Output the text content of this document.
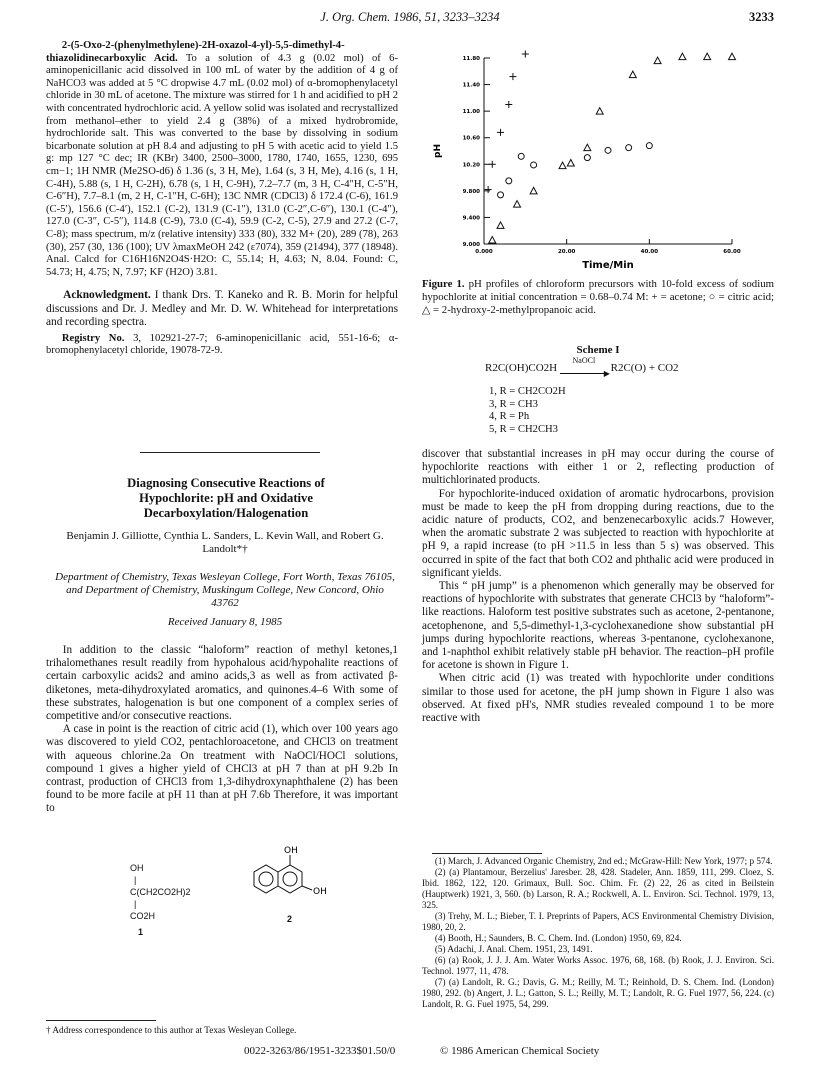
J. Org. Chem. 1986, 51, 3233–3234	3233

2-(5-Oxo-2-(phenylmethylene)-2H-oxazol-4-yl)-5,5-dimethyl-4-thiazolidinecarboxylic Acid. To a solution of 4.3 g (0.02 mol) of 6-aminopenicillanic acid dissolved in 100 mL of water by the addition of 4 g of NaHCO3 was added at 5 °C dropwise 4.7 mL (0.02 mol) of α-bromophenylacetyl chloride in 30 mL of acetone. The mixture was stirred for 1 h and acidified to pH 2 with concentrated hydrochloric acid. A yellow solid was isolated and recrystallized from methanol–ether to yield 2.4 g (38%) of a mixed hydrobromide, hydrochloride salt. This was converted to the base by dissolving in sodium bicarbonate solution at pH 8.4 and adjusting to pH 5 with acetic acid to yield 1.5 g: mp 127 °C dec; IR (KBr) 3400, 2500–3000, 1780, 1740, 1655, 1230, 695 cm−1; 1H NMR (Me2SO-d6) δ 1.36 (s, 3 H, Me), 1.64 (s, 3 H, Me), 4.16 (s, 1 H, C-4H), 5.88 (s, 1 H, C-2H), 6.78 (s, 1 H, C-9H), 7.2–7.7 (m, 3 H, C-4″H, C-5″H, C-6″H), 7.7–8.1 (m, 2 H, C-1″H, C-6H); 13C NMR (CDCl3) δ 172.4 (C-6), 161.9 (C-5′), 156.6 (C-4′), 152.1 (C-2), 131.9 (C-1″), 131.0 (C-2″,C-6″), 130.1 (C-4″), 127.0 (C-3″, C-5″), 114.8 (C-9), 73.0 (C-4), 59.9 (C-2, C-5), 27.9 and 27.2 (C-7, C-8); mass spectrum, m/z (relative intensity) 333 (80), 332 M+ (20), 289 (78), 263 (30), 257 (30, 136 (100); UV λmaxMeOH 242 (ε7074), 359 (21494), 377 (18948). Anal. Calcd for C16H16N2O4S·H2O: C, 55.14; H, 4.63; N, 8.04. Found: C, 54.73; H, 4.75; N, 7.97; KF (H2O) 3.81.

Acknowledgment. I thank Drs. T. Kaneko and R. B. Morin for helpful discussions and Dr. J. Medley and Mr. D. W. Whitehead for interpretations and recording spectra.

Registry No. 3, 102921-27-7; 6-aminopenicillanic acid, 551-16-6; α-bromophenylacetyl chloride, 19078-72-9.

Diagnosing Consecutive Reactions of Hypochlorite: pH and Oxidative Decarboxylation/Halogenation
Benjamin J. Gilliotte, Cynthia L. Sanders, L. Kevin Wall, and Robert G. Landolt*†
Department of Chemistry, Texas Wesleyan College, Fort Worth, Texas 76105, and Department of Chemistry, Muskingum College, New Concord, Ohio 43762
Received January 8, 1985

In addition to the classic “haloform” reaction of methyl ketones,1 trihalomethanes result readily from hypohalous acid/hypohalite reactions of certain carboxylic acids2 and amino acids,3 as well as from activated β-diketones, meta-dihydroxylated aromatics, and quinones.4–6 With some of these substrates, halogenation is but one component of a complex series of competitive and/or consecutive reactions.

A case in point is the reaction of citric acid (1), which over 100 years ago was discovered to yield CO2, pentachloroacetone, and CHCl3 on treatment with aqueous chlorine.2a On treatment with NaOCl/HOCl solutions, compound 1 gives a higher yield of CHCl3 at pH 7 than at pH 9.2b In contrast, production of CHCl3 from 1,3-dihydroxynaphthalene (2) has been found to be more facile at pH 11 than at pH 7.6b Therefore, it was important to

OH
|
C(CH2CO2H)2
|
CO2H
1
OH
OH
2
† Address correspondence to this author at Texas Wesleyan College.
9.000
9.400
9.800
10.20
10.60
11.00
11.40
11.80
0.000	20.00	40.00	60.00
pH
Time/Min

Figure 1. pH profiles of chloroform precursors with 10-fold excess of sodium hypochlorite at initial concentration = 0.68–0.74 M: + = acetone; ○ = citric acid; △ = 2-hydroxy-2-methylpropanoic acid.

Scheme I
R2C(OH)CO2H
NaOCl
▶ R2C(O) + CO2
1, R = CH2CO2H
3, R = CH3
4, R = Ph
5, R = CH2CH3

discover that substantial increases in pH may occur during the course of hypochlorite reactions with either 1 or 2, reflecting production of multichlorinated products.

For hypochlorite-induced oxidation of aromatic hydrocarbons, provision must be made to keep the pH from dropping during reactions, due to the acidic nature of products, CO2, and benzenecarboxylic acids.7 However, when the aromatic substrate 2 was subjected to reaction with hypochlorite at pH 9, a rapid increase (to pH >11.5 in less than 5 s) was observed. This occurred in spite of the fact that both CO2 and phthalic acid were produced in significant yields.

This “ pH jump” is a phenomenon which generally may be observed for reactions of hypochlorite with substrates that generate CHCl3 by “haloform”-like reactions. Haloform test positive substrates such as acetone, 2-pentanone, acetophenone, and 5,5-dimethyl-1,3-cyclohexanedione show substantial pH jumps during hypochlorite reactions, whereas 3-pentanone, cyclohexanone, and 1-naphthol exhibit relatively stable pH behavior. The reaction–pH profile for acetone is shown in Figure 1.

When citric acid (1) was treated with hypochlorite under conditions similar to those used for acetone, the pH jump shown in Figure 1 also was observed. At fixed pH's, NMR studies revealed compound 1 to be more reactive with

(1) March, J. Advanced Organic Chemistry, 2nd ed.; McGraw-Hill: New York, 1977; p 574.

(2) (a) Plantamour, Berzelius' Jaresber. 28, 428. Stadeler, Ann. 1859, 111, 299. Cloez, S. Ibid. 1862, 122, 120. Grimaux, Bull. Soc. Chim. Fr. (2) 22, 26 as cited in Beilstein (Hauptwerk) 1921, 3, 560. (b) Larson, R. A.; Rockwell, A. L. Environ. Sci. Technol. 1979, 13, 325.

(3) Trehy, M. L.; Bieber, T. I. Preprints of Papers, ACS Environmental Chemistry Division, 1980, 20, 2.

(4) Booth, H.; Saunders, B. C. Chem. Ind. (London) 1950, 69, 824.

(5) Adachi, J. Anal. Chem. 1951, 23, 1491.

(6) (a) Rook, J. J. J. Am. Water Works Assoc. 1976, 68, 168. (b) Rook, J. J. Environ. Sci. Technol. 1977, 11, 478.

(7) (a) Landolt, R. G.; Davis, G. M.; Reilly, M. T.; Reinhold, D. S. Chem. Ind. (London) 1980, 292. (b) Angert, J. L.; Gatton, S. L.; Reilly, M. T.; Landolt, R. G. Fuel 1977, 56, 224. (c) Landolt, R. G. Fuel 1975, 54, 299.

0022-3263/86/1951-3233$01.50/0	© 1986 American Chemical Society
